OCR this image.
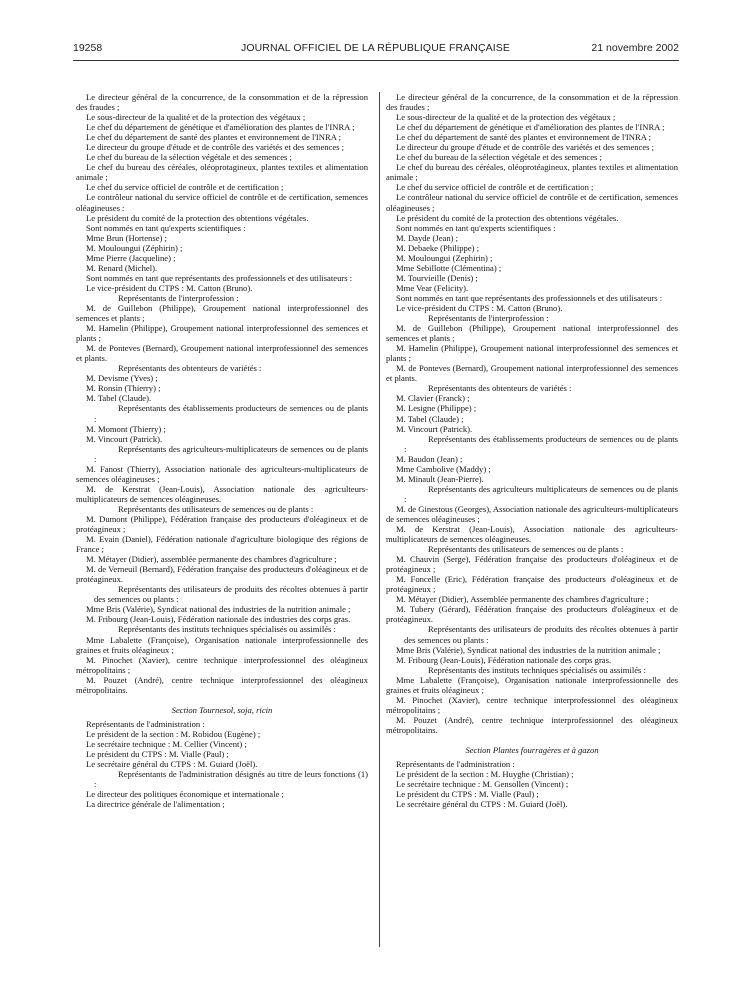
19258	JOURNAL OFFICIEL DE LA RÉPUBLIQUE FRANÇAISE	21 novembre 2002

Le directeur général de la concurrence, de la consommation et de la répression des fraudes ;

Le sous-directeur de la qualité et de la protection des végétaux ;

Le chef du département de génétique et d'amélioration des plantes de l'INRA ;

Le chef du département de santé des plantes et environnement de l'INRA ;

Le directeur du groupe d'étude et de contrôle des variétés et des semences ;

Le chef du bureau de la sélection végétale et des semences ;

Le chef du bureau des céréales, oléoprotagineux, plantes textiles et alimentation animale ;

Le chef du service officiel de contrôle et de certification ;

Le contrôleur national du service officiel de contrôle et de certification, semences oléagineuses :

Le président du comité de la protection des obtentions végétales.

Sont nommés en tant qu'experts scientifiques :

Mme Brun (Hortense) ;

M. Mouloungui (Zéphirin) ;

Mme Pierre (Jacqueline) ;

M. Renard (Michel).

Sont nommés en tant que représentants des professionnels et des utilisateurs :

Le vice-président du CTPS : M. Catton (Bruno).

Représentants de l'interprofession :

M. de Guillebon (Philippe), Groupement national interprofessionnel des semences et plants ;

M. Hamelin (Philippe), Groupement national interprofessionnel des semences et plants ;

M. de Ponteves (Bernard), Groupement national interprofessionnel des semences et plants.

Représentants des obtenteurs de variétés :

M. Devisme (Yves) ;

M. Ronsin (Thierry) ;

M. Tabel (Claude).

Représentants des établissements producteurs de semences ou de plants :

M. Momont (Thierry) ;

M. Vincourt (Patrick).

Représentants des agriculteurs-multiplicateurs de semences ou de plants :

M. Fanost (Thierry), Association nationale des agriculteurs-multiplicateurs de semences oléagineuses ;

M. de Kerstrat (Jean-Louis), Association nationale des agriculteurs-multiplicateurs de semences oléagineuses.

Représentants des utilisateurs de semences ou de plants :

M. Dumont (Philippe), Fédération française des producteurs d'oléagineux et de protéagineux ;

M. Evain (Daniel), Fédération nationale d'agriculture biologique des régions de France ;

M. Métayer (Didier), assemblée permanente des chambres d'agriculture ;

M. de Verneuil (Bernard), Fédération française des producteurs d'oléagineux et de protéagineux.

Représentants des utilisateurs de produits des récoltes obtenues à partir des semences ou plants :

Mme Bris (Valérie), Syndicat national des industries de la nutrition animale ;

M. Fribourg (Jean-Louis), Fédération nationale des industries des corps gras.

Représentants des instituts techniques spécialisés ou assimilés :

Mme Labalette (Françoise), Organisation nationale interprofessionnelle des graines et fruits oléagineux ;

M. Pinochet (Xavier), centre technique interprofessionnel des oléagineux métropolitains ;

M. Pouzet (André), centre technique interprofessionnel des oléagineux métropolitains.

Section Tournesol, soja, ricin

Représentants de l'administration :

Le président de la section : M. Robidou (Eugène) ;

Le secrétaire technique : M. Cellier (Vincent) ;

Le président du CTPS : M. Vialle (Paul) ;

Le secrétaire général du CTPS : M. Guiard (Joël).

Représentants de l'administration désignés au titre de leurs fonctions (1) :

Le directeur des politiques économique et internationale ;

La directrice générale de l'alimentation ;

Le directeur général de la concurrence, de la consommation et de la répression des fraudes ;

Le sous-directeur de la qualité et de la protection des végétaux ;

Le chef du département de génétique et d'amélioration des plantes de l'INRA ;

Le chef du département de santé des plantes et environnement de l'INRA ;

Le directeur du groupe d'étude et de contrôle des variétés et des semences ;

Le chef du bureau de la sélection végétale et des semences ;

Le chef du bureau des céréales, oléoprotéagineux, plantes textiles et alimentation animale ;

Le chef du service officiel de contrôle et de certification ;

Le contrôleur national du service officiel de contrôle et de certification, semences oléagineuses ;

Le président du comité de la protection des obtentions végétales.

Sont nommés en tant qu'experts scientifiques :

M. Dayde (Jean) ;

M. Debaeke (Philippe) ;

M. Mouloungui (Zephirin) ;

Mme Sebillotte (Clémentina) ;

M. Tourvieille (Denis) ;

Mme Vear (Felicity).

Sont nommés en tant que représentants des professionnels et des utilisateurs :

Le vice-président du CTPS : M. Catton (Bruno).

Représentants de l'interprofession :

M. de Guillebon (Philippe), Groupement national interprofessionnel des semences et plants ;

M. Hamelin (Philippe), Groupement national interprofessionnel des semences et plants ;

M. de Ponteves (Bernard), Groupement national interprofessionnel des semences et plants.

Représentants des obtenteurs de variétés :

M. Clavier (Franck) ;

M. Lesigne (Philippe) ;

M. Tabel (Claude) ;

M. Vincourt (Patrick).

Représentants des établissements producteurs de semences ou de plants :

M. Baudon (Jean) ;

Mme Cambolive (Maddy) ;

M. Minault (Jean-Pierre).

Représentants des agriculteurs multiplicateurs de semences ou de plants :

M. de Ginestous (Georges), Association nationale des agriculteurs-multiplicateurs de semences oléagineuses ;

M. de Kerstrat (Jean-Louis), Association nationale des agriculteurs-multiplicateurs de semences oléagineuses.

Représentants des utilisateurs de semences ou de plants :

M. Chauvin (Serge), Fédération française des producteurs d'oléagineux et de protéagineux ;

M. Foncelle (Eric), Fédération française des producteurs d'oléagineux et de protéagineux ;

M. Métayer (Didier), Assemblée permanente des chambres d'agriculture ;

M. Tubery (Gérard), Fédération française des producteurs d'oléagineux et de protéagineux.

Représentants des utilisateurs de produits des récoltes obtenues à partir des semences ou plants :

Mme Bris (Valérie), Syndicat national des industries de la nutrition animale ;

M. Fribourg (Jean-Louis), Fédération nationale des corps gras.

Représentants des instituts techniques spécialisés ou assimilés :

Mme Labalette (Françoise), Organisation nationale interprofessionnelle des graines et fruits oléagineux ;

M. Pinochet (Xavier), centre technique interprofessionnel des oléagineux métropolitains ;

M. Pouzet (André), centre technique interprofessionnel des oléagineux métropolitains.

Section Plantes fourragères et à gazon

Représentants de l'administration :

Le président de la section : M. Huyghe (Christian) ;

Le secrétaire technique : M. Gensollen (Vincent) ;

Le président du CTPS : M. Vialle (Paul) ;

Le secrétaire général du CTPS : M. Guiard (Joël).
